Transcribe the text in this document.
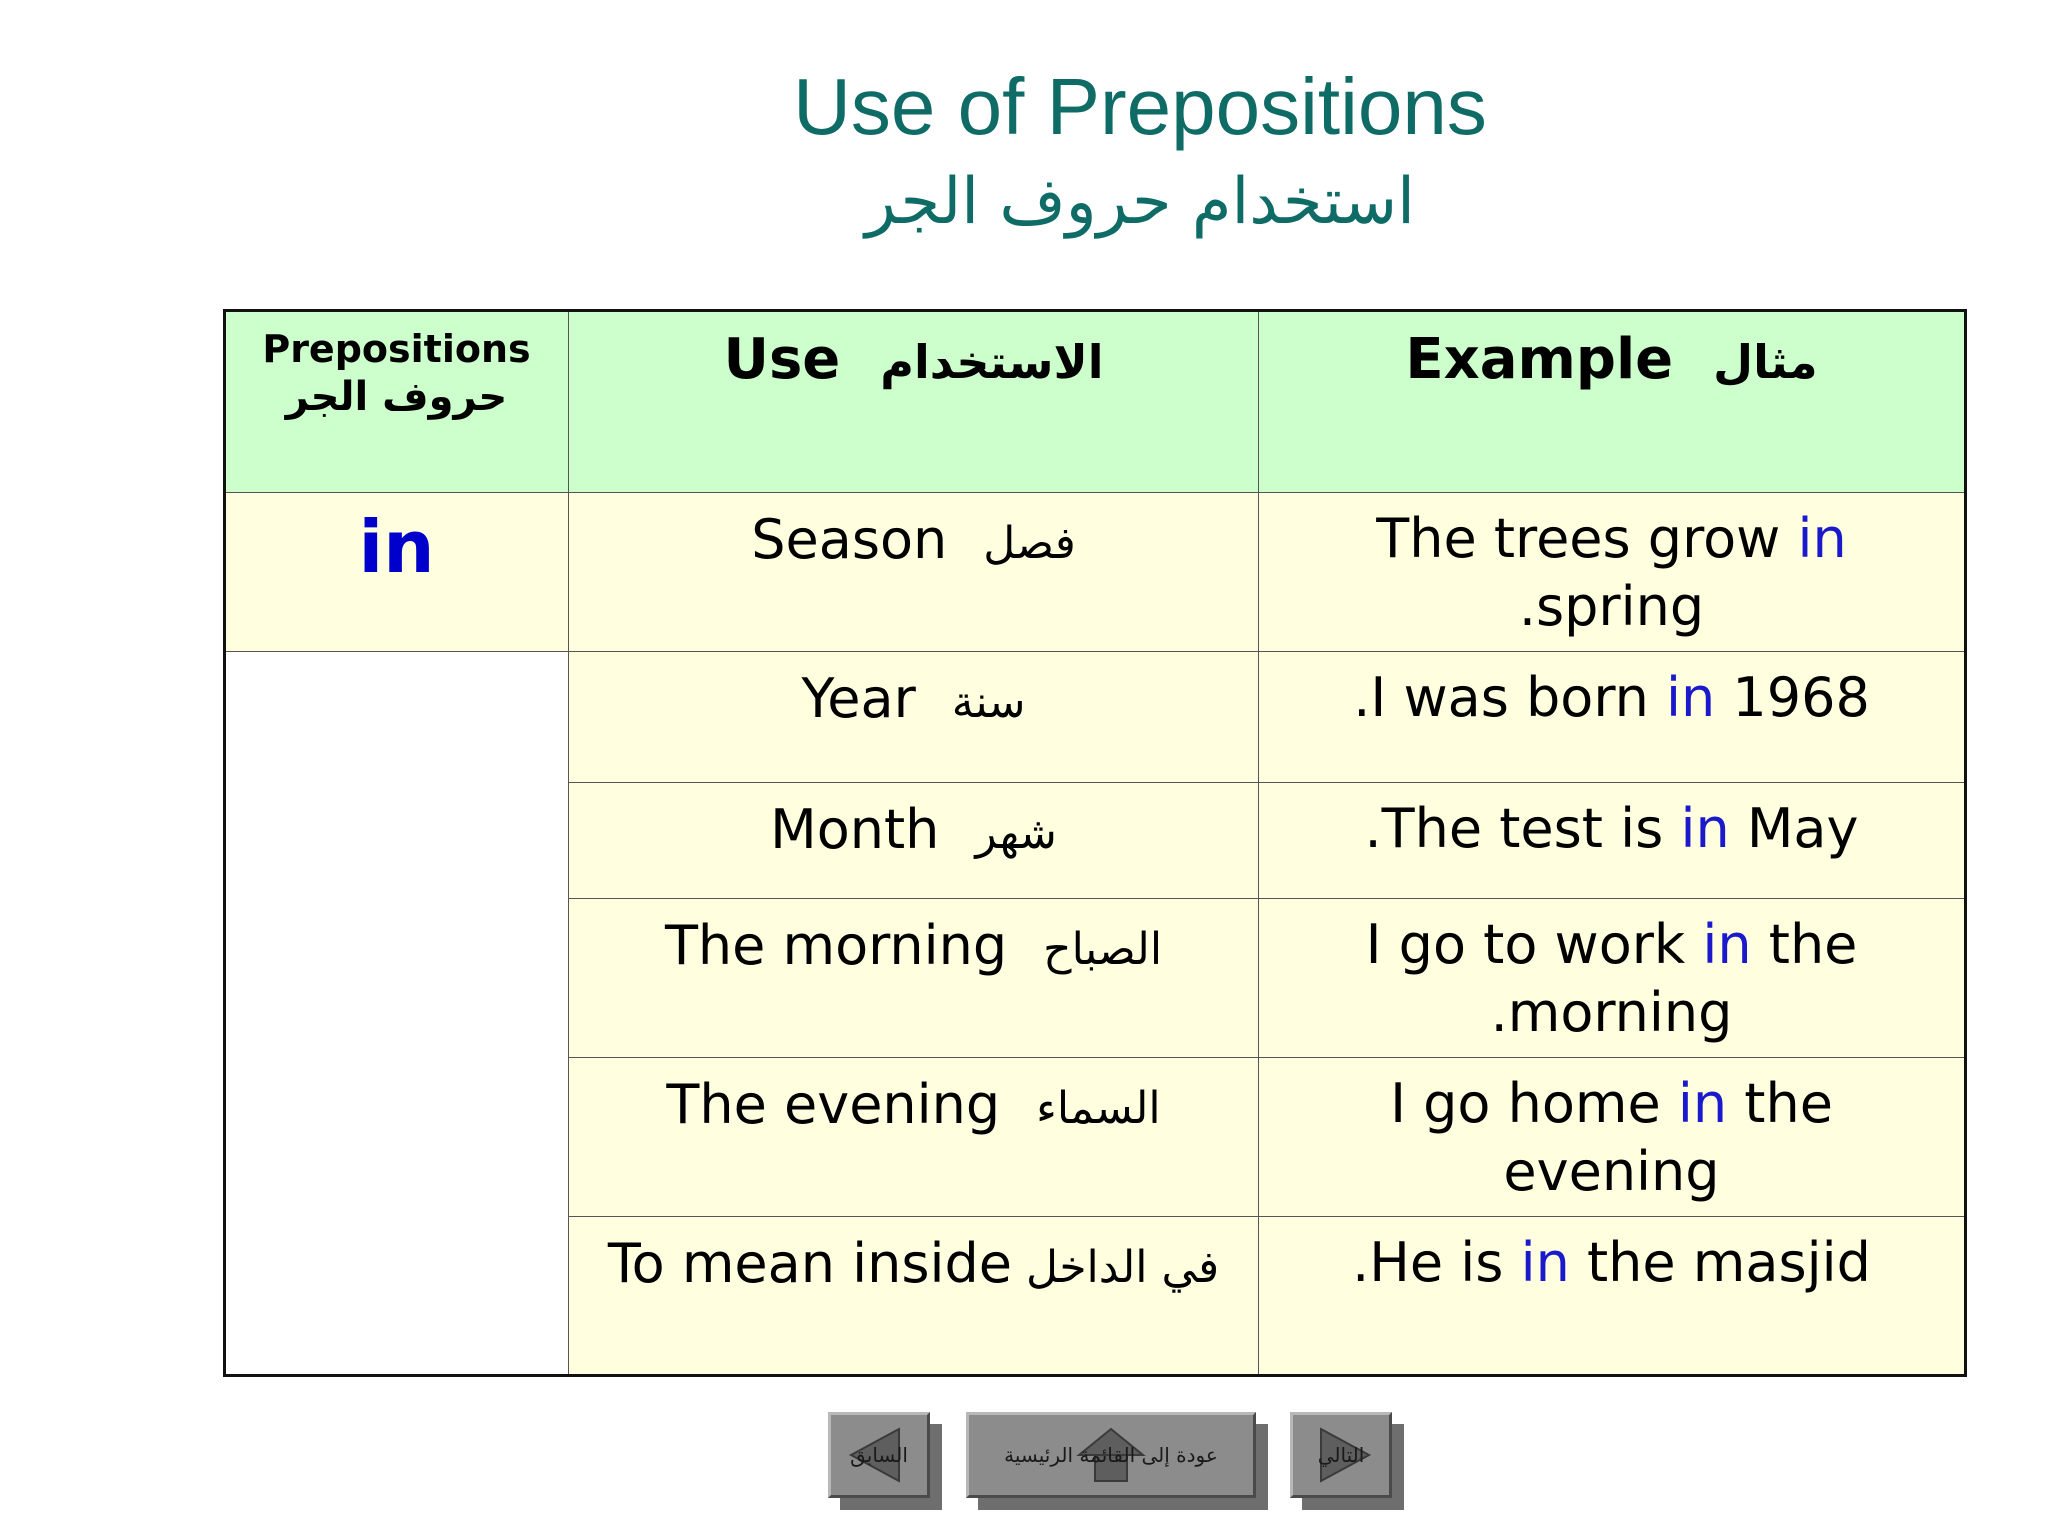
Use of Prepositions
استخدام حروف الجر
Prepositions
حروف الجر	Use الاستخدام	Example مثال

in	Season فصل	The trees grow in .spring

	Year سنة	.I was born in 1968

	Month شهر	.The test is in May

	The morning الصباح	I go to work in the .morning

	The evening السماء	I go home in the evening

	To mean inside في الداخل	.He is in the masjid
السابق	عودة إلى القائمة الرئيسية	التالي
